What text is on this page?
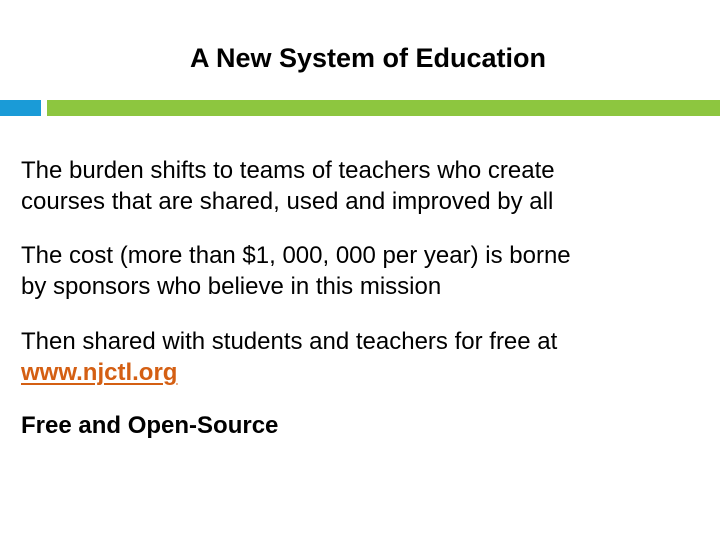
A New System of Education

The burden shifts to teams of teachers who create
courses that are shared, used and improved by all

The cost (more than $1, 000, 000 per year) is borne
by sponsors who believe in this mission

Then shared with students and teachers for free at
www.njctl.org

Free and Open-Source
